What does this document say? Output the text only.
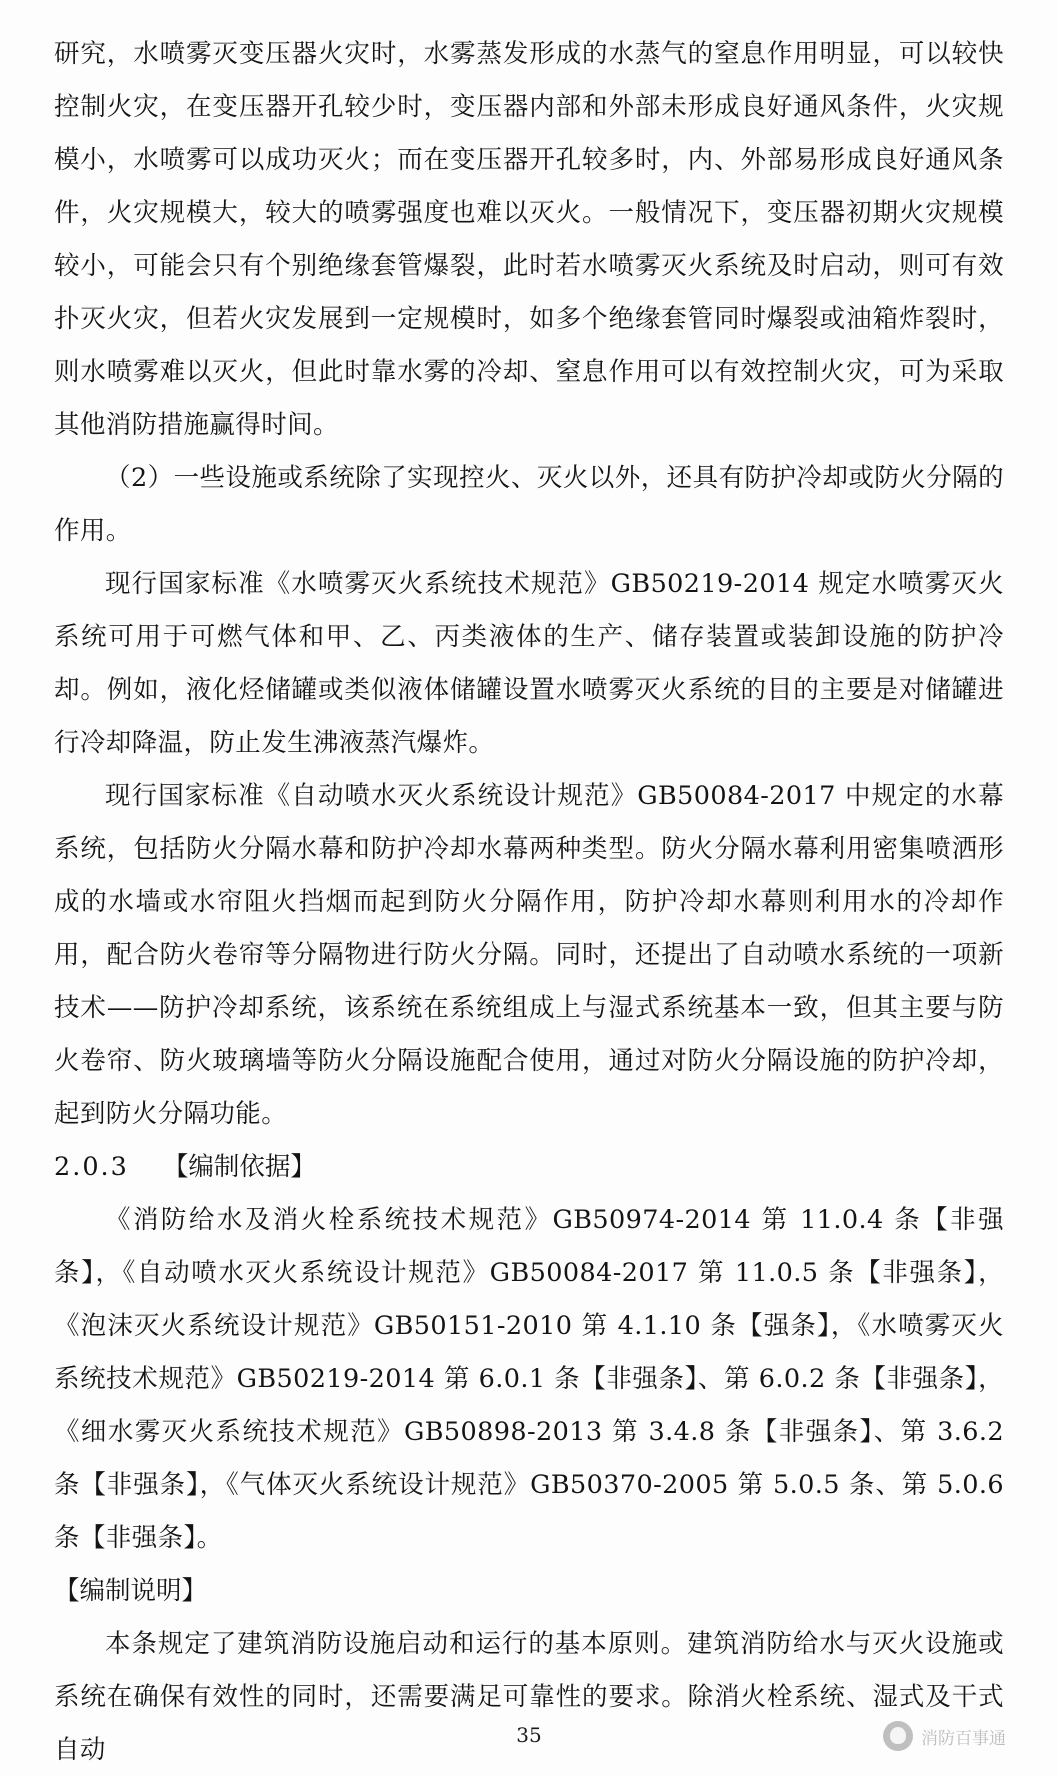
研究，水喷雾灭变压器火灾时，水雾蒸发形成的水蒸气的窒息作用明显，可以较快控制火灾，在变压器开孔较少时，变压器内部和外部未形成良好通风条件，火灾规模小，水喷雾可以成功灭火；而在变压器开孔较多时，内、外部易形成良好通风条件，火灾规模大，较大的喷雾强度也难以灭火。一般情况下，变压器初期火灾规模较小，可能会只有个别绝缘套管爆裂，此时若水喷雾灭火系统及时启动，则可有效扑灭火灾，但若火灾发展到一定规模时，如多个绝缘套管同时爆裂或油箱炸裂时，则水喷雾难以灭火，但此时靠水雾的冷却、窒息作用可以有效控制火灾，可为采取其他消防措施赢得时间。

（2）一些设施或系统除了实现控火、灭火以外，还具有防护冷却或防火分隔的作用。

现行国家标准《水喷雾灭火系统技术规范》GB50219-2014 规定水喷雾灭火系统可用于可燃气体和甲、乙、丙类液体的生产、储存装置或装卸设施的防护冷却。例如，液化烃储罐或类似液体储罐设置水喷雾灭火系统的目的主要是对储罐进行冷却降温，防止发生沸液蒸汽爆炸。

现行国家标准《自动喷水灭火系统设计规范》GB50084-2017 中规定的水幕系统，包括防火分隔水幕和防护冷却水幕两种类型。防火分隔水幕利用密集喷洒形成的水墙或水帘阻火挡烟而起到防火分隔作用，防护冷却水幕则利用水的冷却作用，配合防火卷帘等分隔物进行防火分隔。同时，还提出了自动喷水系统的一项新技术——防护冷却系统，该系统在系统组成上与湿式系统基本一致，但其主要与防火卷帘、防火玻璃墙等防火分隔设施配合使用，通过对防火分隔设施的防护冷却，起到防火分隔功能。

2.0.3 【编制依据】

《消防给水及消火栓系统技术规范》GB50974-2014 第 11.0.4 条【非强条】，《自动喷水灭火系统设计规范》GB50084-2017 第 11.0.5 条【非强条】，《泡沫灭火系统设计规范》GB50151-2010 第 4.1.10 条【强条】，《水喷雾灭火系统技术规范》GB50219-2014 第 6.0.1 条【非强条】、第 6.0.2 条【非强条】，《细水雾灭火系统技术规范》GB50898-2013 第 3.4.8 条【非强条】、第 3.6.2 条【非强条】，《气体灭火系统设计规范》GB50370-2005 第 5.0.5 条、第 5.0.6 条【非强条】。

【编制说明】

本条规定了建筑消防设施启动和运行的基本原则。建筑消防给水与灭火设施或系统在确保有效性的同时，还需要满足可靠性的要求。除消火栓系统、湿式及干式自动	35	消防百事通
